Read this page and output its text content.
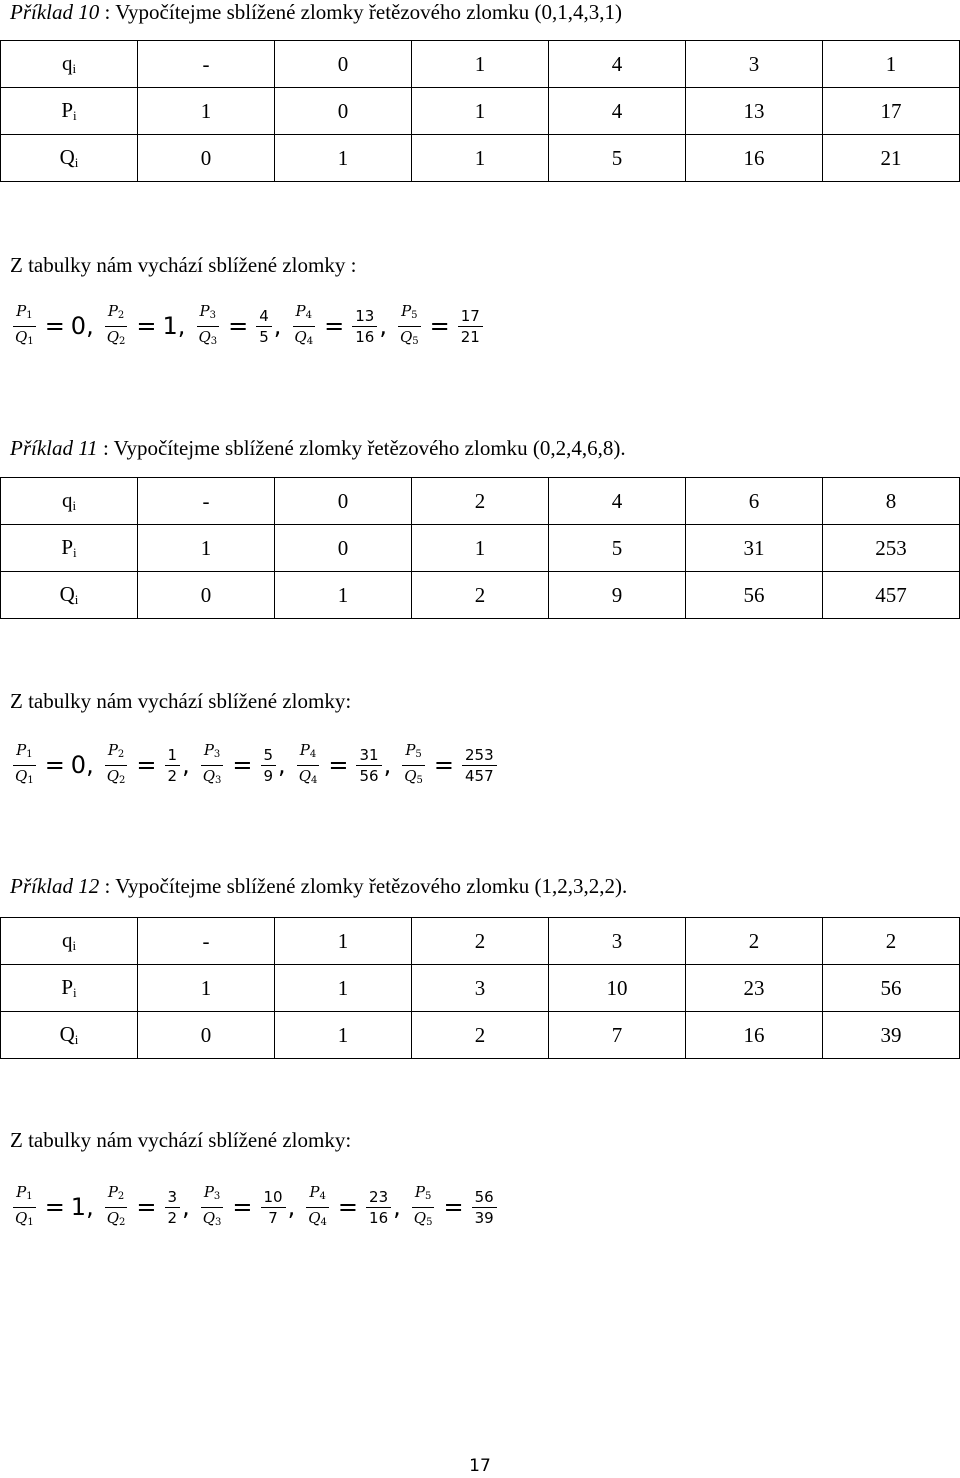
Příklad 10 : Vypočítejme sblížené zlomky řetězového zlomku (0,1,4,3,1)
$q_i$	-	0	1	4	3	1
$P_i$	1	0	1	4	13	17
$Q_i$	0	1	1	5	16	21
Z tabulky nám vychází sblížené zlomky :
$\frac{P_1}{Q_1} = 0$ , $\frac{P_2}{Q_2} = 1$ , $\frac{P_3}{Q_3} = \frac{4}{5}$ , $\frac{P_4}{Q_4} = \frac{13}{16}$ , $\frac{P_5}{Q_5} = \frac{17}{21}$
Příklad 11 : Vypočítejme sblížené zlomky řetězového zlomku (0,2,4,6,8).
$q_i$	-	0	2	4	6	8
$P_i$	1	0	1	5	31	253
$Q_i$	0	1	2	9	56	457
Z tabulky nám vychází sblížené zlomky:
$\frac{P_1}{Q_1} = 0$ , $\frac{P_2}{Q_2} = \frac{1}{2}$ , $\frac{P_3}{Q_3} = \frac{5}{9}$ , $\frac{P_4}{Q_4} = \frac{31}{56}$ , $\frac{P_5}{Q_5} = \frac{253}{457}$
Příklad 12 : Vypočítejme sblížené zlomky řetězového zlomku (1,2,3,2,2).
$q_i$	-	1	2	3	2	2
$P_i$	1	1	3	10	23	56
$Q_i$	0	1	2	7	16	39
Z tabulky nám vychází sblížené zlomky:
$\frac{P_1}{Q_1} = 1$ , $\frac{P_2}{Q_2} = \frac{3}{2}$ , $\frac{P_3}{Q_3} = \frac{10}{7}$ , $\frac{P_4}{Q_4} = \frac{23}{16}$ , $\frac{P_5}{Q_5} = \frac{56}{39}$
17
